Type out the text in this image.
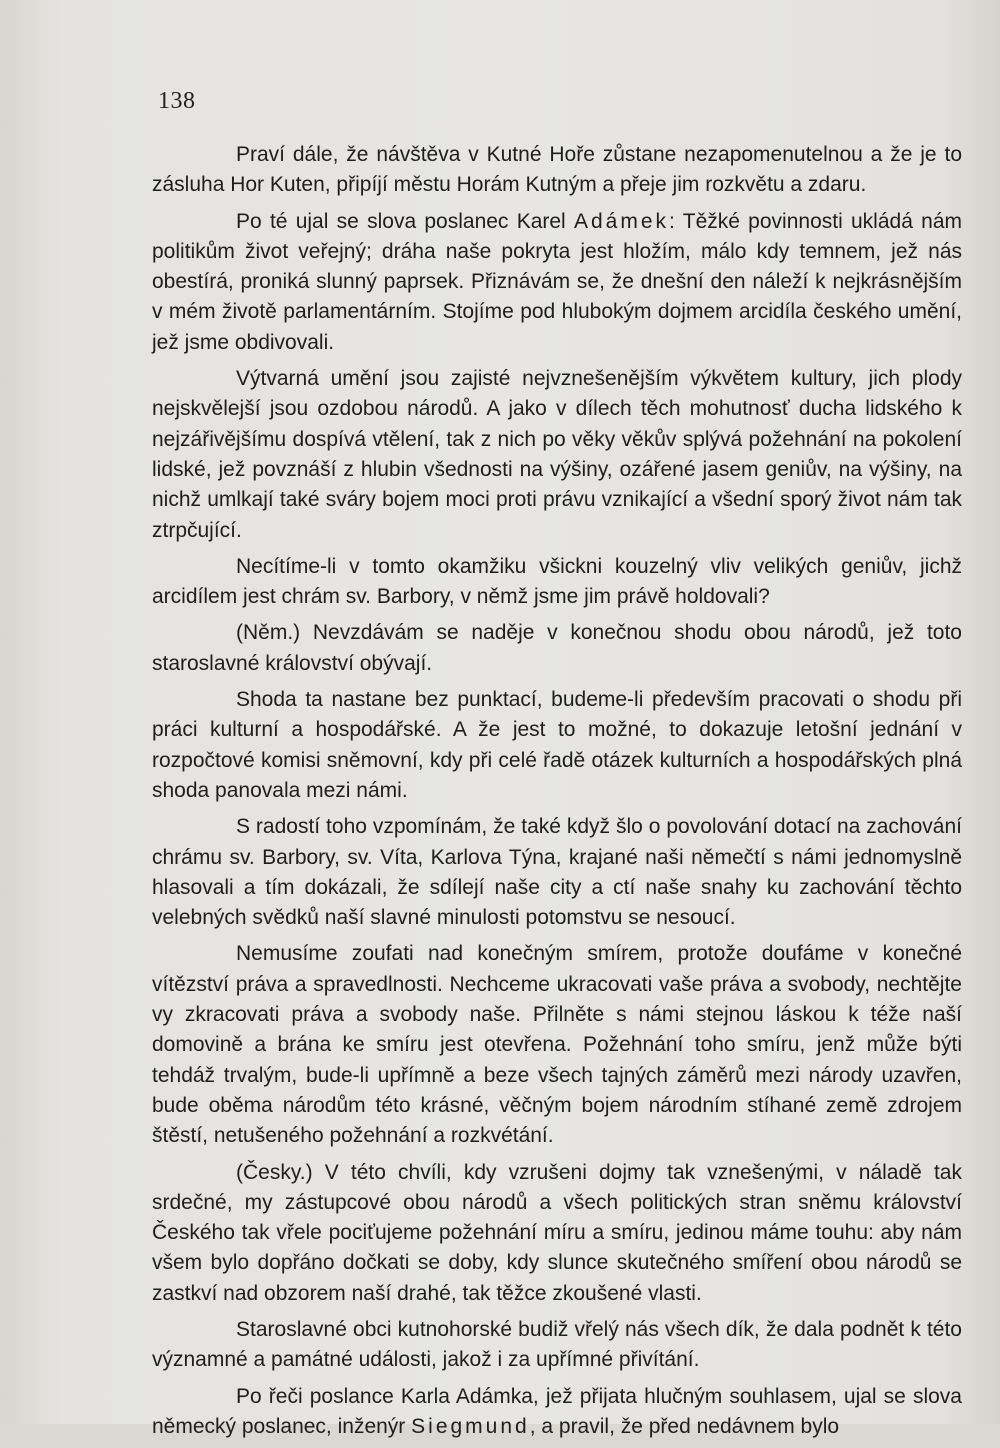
138

Praví dále, že návštěva v Kutné Hoře zůstane nezapomenutelnou a že je to zásluha Hor Kuten, připíjí městu Horám Kutným a přeje jim rozkvětu a zdaru.

Po té ujal se slova poslanec Karel Adámek: Těžké povinnosti ukládá nám politikům život veřejný; dráha naše pokryta jest hložím, málo kdy temnem, jež nás obestírá, proniká slunný paprsek. Přiznávám se, že dnešní den náleží k nejkrásnějším v mém životě parlamentárním. Stojíme pod hlubokým dojmem arcidíla českého umění, jež jsme obdivovali.

Výtvarná umění jsou zajisté nejvznešenějším výkvětem kultury, jich plody nejskvělejší jsou ozdobou národů. A jako v dílech těch mohutnosť ducha lidského k nejzářivějšímu dospívá vtělení, tak z nich po věky věkův splývá požehnání na pokolení lidské, jež povznáší z hlubin všednosti na výšiny, ozářené jasem geniův, na výšiny, na nichž umlkají také sváry bojem moci proti právu vznikající a všední sporý život nám tak ztrpčující.

Necítíme-li v tomto okamžiku všickni kouzelný vliv velikých geniův, jichž arcidílem jest chrám sv. Barbory, v němž jsme jim právě holdovali?

(Něm.) Nevzdávám se naděje v konečnou shodu obou národů, jež toto staroslavné království obývají.

Shoda ta nastane bez punktací, budeme-li především pracovati o shodu při práci kulturní a hospodářské. A že jest to možné, to dokazuje letošní jednání v rozpočtové komisi sněmovní, kdy při celé řadě otázek kulturních a hospodářských plná shoda panovala mezi námi.

S radostí toho vzpomínám, že také když šlo o povolování dotací na zachování chrámu sv. Barbory, sv. Víta, Karlova Týna, krajané naši němečtí s námi jednomyslně hlasovali a tím dokázali, že sdílejí naše city a ctí naše snahy ku zachování těchto velebných svědků naší slavné minulosti potomstvu se nesoucí.

Nemusíme zoufati nad konečným smírem, protože doufáme v konečné vítězství práva a spravedlnosti. Nechceme ukracovati vaše práva a svobody, nechtějte vy zkracovati práva a svobody naše. Přilněte s námi stejnou láskou k téže naší domovině a brána ke smíru jest otevřena. Požehnání toho smíru, jenž může býti tehdáž trvalým, bude-li upřímně a beze všech tajných záměrů mezi národy uzavřen, bude oběma národům této krásné, věčným bojem národním stíhané země zdrojem štěstí, netušeného požehnání a rozkvétání.

(Česky.) V této chvíli, kdy vzrušeni dojmy tak vznešenými, v náladě tak srdečné, my zástupcové obou národů a všech politických stran sněmu království Českého tak vřele pociťujeme požehnání míru a smíru, jedinou máme touhu: aby nám všem bylo dopřáno dočkati se doby, kdy slunce skutečného smíření obou národů se zastkví nad obzorem naší drahé, tak těžce zkoušené vlasti.

Staroslavné obci kutnohorské budiž vřelý nás všech dík, že dala podnět k této významné a památné události, jakož i za upřímné přivítání.

Po řeči poslance Karla Adámka, jež přijata hlučným souhlasem, ujal se slova německý poslanec, inženýr Siegmund, a pravil, že před nedávnem bylo
